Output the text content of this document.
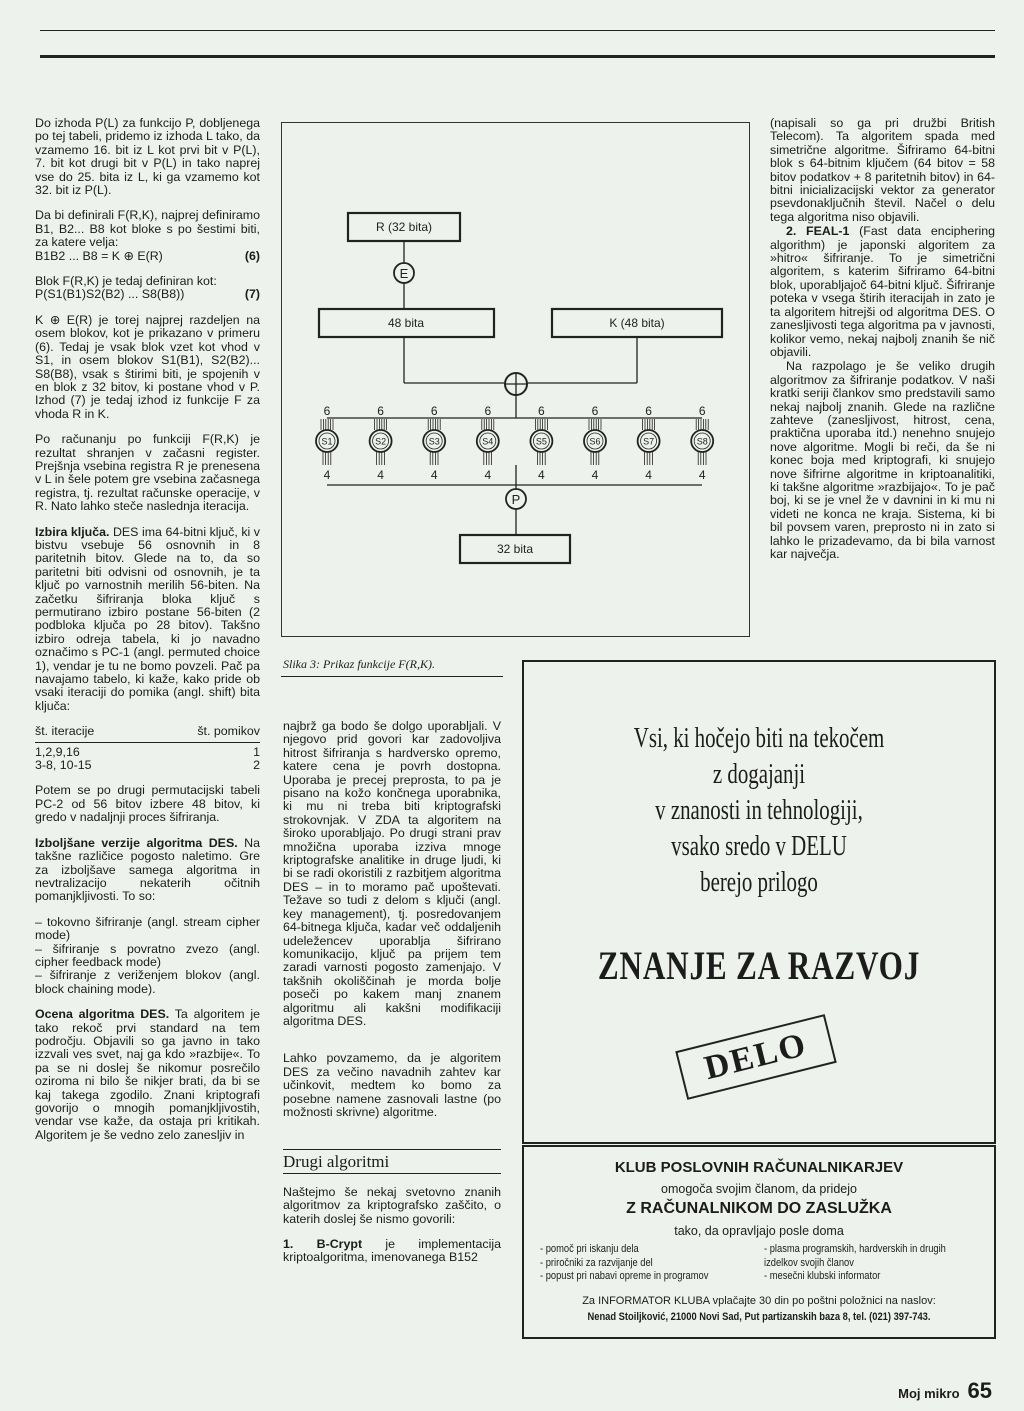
Do izhoda P(L) za funkcijo P, dobljenega po tej tabeli, pridemo iz izhoda L tako, da vzamemo 16. bit iz L kot prvi bit v P(L), 7. bit kot drugi bit v P(L) in tako naprej vse do 25. bita iz L, ki ga vzamemo kot 32. bit iz P(L).

Da bi definirali F(R,K), najprej definiramo B1, B2... B8 kot bloke s po šestimi biti, za katere velja:

B1B2 ... B8 = K ⊕ E(R)	(6)

Blok F(R,K) je tedaj definiran kot:

P(S1(B1)S2(B2) ... S8(B8))	(7)

K ⊕ E(R) je torej najprej razdeljen na osem blokov, kot je prikazano v primeru (6). Tedaj je vsak blok vzet kot vhod v S1, in osem blokov S1(B1), S2(B2)... S8(B8), vsak s štirimi biti, je spojenih v en blok z 32 bitov, ki postane vhod v P. Izhod (7) je tedaj izhod iz funkcije F za vhoda R in K.

Po računanju po funkciji F(R,K) je rezultat shranjen v začasni register. Prejšnja vsebina registra R je prenesena v L in šele potem gre vsebina začasnega registra, tj. rezultat računske operacije, v R. Nato lahko steče naslednja iteracija.

Izbira ključa. DES ima 64-bitni ključ, ki v bistvu vsebuje 56 osnovnih in 8 paritetnih bitov. Glede na to, da so paritetni biti odvisni od osnovnih, je ta ključ po varnostnih merilih 56-biten. Na začetku šifriranja bloka ključ s permutirano izbiro postane 56-biten (2 podbloka ključa po 28 bitov). Takšno izbiro odreja tabela, ki jo navadno označimo s PC-1 (angl. permuted choice 1), vendar je tu ne bomo povzeli. Pač pa navajamo tabelo, ki kaže, kako pride ob vsaki iteraciji do pomika (angl. shift) bita ključa:

št. iteracije	št. pomikov
1,2,9,16	1
3-8, 10-15	2

Potem se po drugi permutacijski tabeli PC-2 od 56 bitov izbere 48 bitov, ki gredo v nadaljnji proces šifriranja.

Izboljšane verzije algoritma DES. Na takšne različice pogosto naletimo. Gre za izboljšave samega algoritma in nevtralizacijo nekaterih očitnih pomanjkljivosti. To so:

– tokovno šifriranje (angl. stream cipher mode)
– šifriranje s povratno zvezo (angl. cipher feedback mode)
– šifriranje z veriženjem blokov (angl. block chaining mode).

Ocena algoritma DES. Ta algoritem je tako rekoč prvi standard na tem področju. Objavili so ga javno in tako izzvali ves svet, naj ga kdo »razbije«. To pa se ni doslej še nikomur posrečilo oziroma ni bilo še nikjer brati, da bi se kaj takega zgodilo. Znani kriptografi govorijo o mnogih pomanjkljivostih, vendar vse kaže, da ostaja pri kritikah. Algoritem je še vedno zelo zanesljiv in

S1
6
4
S2
6
4
S3
6
4
S4
6
4
S5
6
4
S6
6
4
S7
6
4
S8
6
4
R (32 bita)
E
48 bita	K (48 bita)
P
32 bita
Slika 3: Prikaz funkcije F(R,K).

najbrž ga bodo še dolgo uporabljali. V njegovo prid govori kar zadovoljiva hitrost šifriranja s hardversko opremo, katere cena je povrh dostopna. Uporaba je precej preprosta, to pa je pisano na kožo končnega uporabnika, ki mu ni treba biti kriptografski strokovnjak. V ZDA ta algoritem na široko uporabljajo. Po drugi strani prav množična uporaba izziva mnoge kriptografske analitike in druge ljudi, ki bi se radi okoristili z razbitjem algoritma DES – in to moramo pač upoštevati. Težave so tudi z delom s ključi (angl. key management), tj. posredovanjem 64-bitnega ključa, kadar več oddaljenih udeležencev uporablja šifrirano komunikacijo, ključ pa prijem tem zaradi varnosti pogosto zamenjajo. V takšnih okoliščinah je morda bolje poseči po kakem manj znanem algoritmu ali kakšni modifikaciji algoritma DES.

Lahko povzamemo, da je algoritem DES za večino navadnih zahtev kar učinkovit, medtem ko bomo za posebne namene zasnovali lastne (po možnosti skrivne) algoritme.

Drugi algoritmi

Naštejmo še nekaj svetovno znanih algoritmov za kriptografsko zaščito, o katerih doslej še nismo govorili:

1. B-Crypt je implementacija kriptoalgoritma, imenovanega B152

(napisali so ga pri družbi British Telecom). Ta algoritem spada med simetrične algoritme. Šifriramo 64-bitni blok s 64-bitnim ključem (64 bitov = 58 bitov podatkov + 8 paritetnih bitov) in 64- bitni inicializacijski vektor za generator psevdonaključnih števil. Načel o delu tega algoritma niso objavili.

2. FEAL-1 (Fast data enciphering algorithm) je japonski algoritem za »hitro« šifriranje. To je simetrični algoritem, s katerim šifriramo 64-bitni blok, uporabljajoč 64-bitni ključ. Šifriranje poteka v vsega štirih iteracijah in zato je ta algoritem hitrejši od algoritma DES. O zanesljivosti tega algoritma pa v javnosti, kolikor vemo, nekaj najbolj znanih še nič objavili.

Na razpolago je še veliko drugih algoritmov za šifriranje podatkov. V naši kratki seriji člankov smo predstavili samo nekaj najbolj znanih. Glede na različne zahteve (zanesljivost, hitrost, cena, praktična uporaba itd.) nenehno snujejo nove algoritme. Mogli bi reči, da še ni konec boja med kriptografi, ki snujejo nove šifrirne algoritme in kriptoanalitiki, ki takšne algoritme »razbijajo«. To je pač boj, ki se je vnel že v davnini in ki mu ni videti ne konca ne kraja. Sistema, ki bi bil povsem varen, preprosto ni in zato si lahko le prizadevamo, da bi bila varnost kar največja.

Vsi, ki hočejo biti na tekočem
z dogajanji
v znanosti in tehnologiji,
vsako sredo v DELU
berejo prilogo
ZNANJE ZA RAZVOJ
DELO
KLUB POSLOVNIH RAČUNALNIKARJEV
omogoča svojim članom, da pridejo
Z RAČUNALNIKOM DO ZASLUŽKA
tako, da opravljajo posle doma
- pomoč pri iskanju dela
- priročniki za razvijanje del
- popust pri nabavi opreme in programov
- plasma programskih, hardverskih in drugih izdelkov svojih članov
- mesečni klubski informator
Za INFORMATOR KLUBA vplačajte 30 din po poštni položnici na naslov:
Nenad Stoiljković, 21000 Novi Sad, Put partizanskih baza 8, tel. (021) 397-743.
Moj mikro 65
